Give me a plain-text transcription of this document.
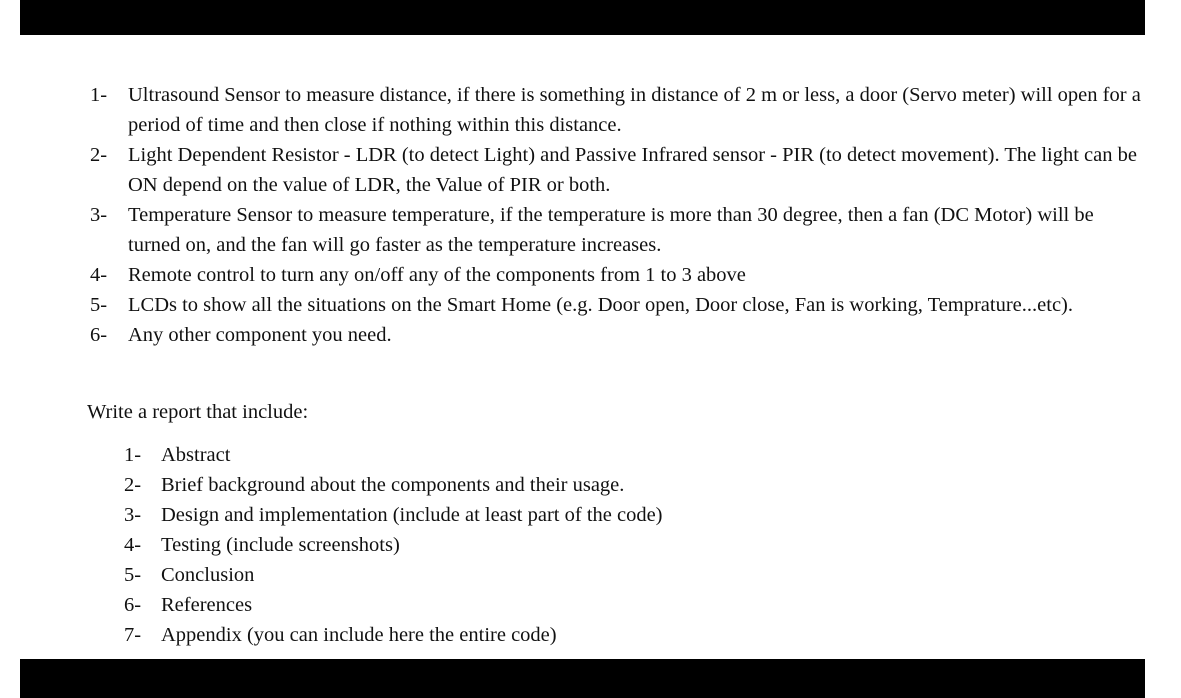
1- Ultrasound Sensor to measure distance, if there is something in distance of 2 m or less, a door (Servo meter) will open for a period of time and then close if nothing within this distance.
2- Light Dependent Resistor - LDR (to detect Light) and Passive Infrared sensor - PIR (to detect movement). The light can be ON depend on the value of LDR, the Value of PIR or both.
3- Temperature Sensor to measure temperature, if the temperature is more than 30 degree, then a fan (DC Motor) will be turned on, and the fan will go faster as the temperature increases.
4- Remote control to turn any on/off any of the components from 1 to 3 above
5- LCDs to show all the situations on the Smart Home (e.g. Door open, Door close, Fan is working, Temprature...etc).
6- Any other component you need.

Write a report that include:

1- Abstract
2- Brief background about the components and their usage.
3- Design and implementation (include at least part of the code)
4- Testing (include screenshots)
5- Conclusion
6- References
7- Appendix (you can include here the entire code)
